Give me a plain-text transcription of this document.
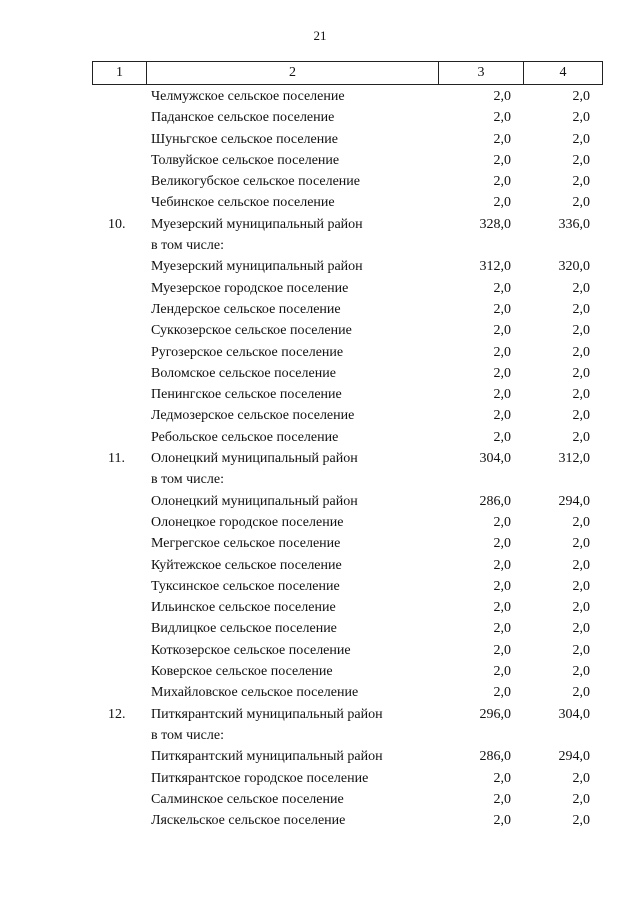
21
1	2	3	4
Челмужское сельское поселение	2,0	2,0
Паданское сельское поселение	2,0	2,0
Шуньгское сельское поселение	2,0	2,0
Толвуйское сельское поселение	2,0	2,0
Великогубское сельское поселение	2,0	2,0
Чебинское сельское поселение	2,0	2,0
10.	Муезерский муниципальный район	328,0	336,0
в том числе:
Муезерский муниципальный район	312,0	320,0
Муезерское городское поселение	2,0	2,0
Лендерское сельское поселение	2,0	2,0
Суккозерское сельское поселение	2,0	2,0
Ругозерское сельское поселение	2,0	2,0
Воломское сельское поселение	2,0	2,0
Пенингское сельское поселение	2,0	2,0
Ледмозерское сельское поселение	2,0	2,0
Ребольское сельское поселение	2,0	2,0
11.	Олонецкий муниципальный район	304,0	312,0
в том числе:
Олонецкий муниципальный район	286,0	294,0
Олонецкое городское поселение	2,0	2,0
Мегрегское сельское поселение	2,0	2,0
Куйтежское сельское поселение	2,0	2,0
Туксинское сельское поселение	2,0	2,0
Ильинское сельское поселение	2,0	2,0
Видлицкое сельское поселение	2,0	2,0
Коткозерское сельское поселение	2,0	2,0
Коверское сельское поселение	2,0	2,0
Михайловское сельское поселение	2,0	2,0
12.	Питкярантский муниципальный район	296,0	304,0
в том числе:
Питкярантский муниципальный район	286,0	294,0
Питкярантское городское поселение	2,0	2,0
Салминское сельское поселение	2,0	2,0
Ляскельское сельское поселение	2,0	2,0
